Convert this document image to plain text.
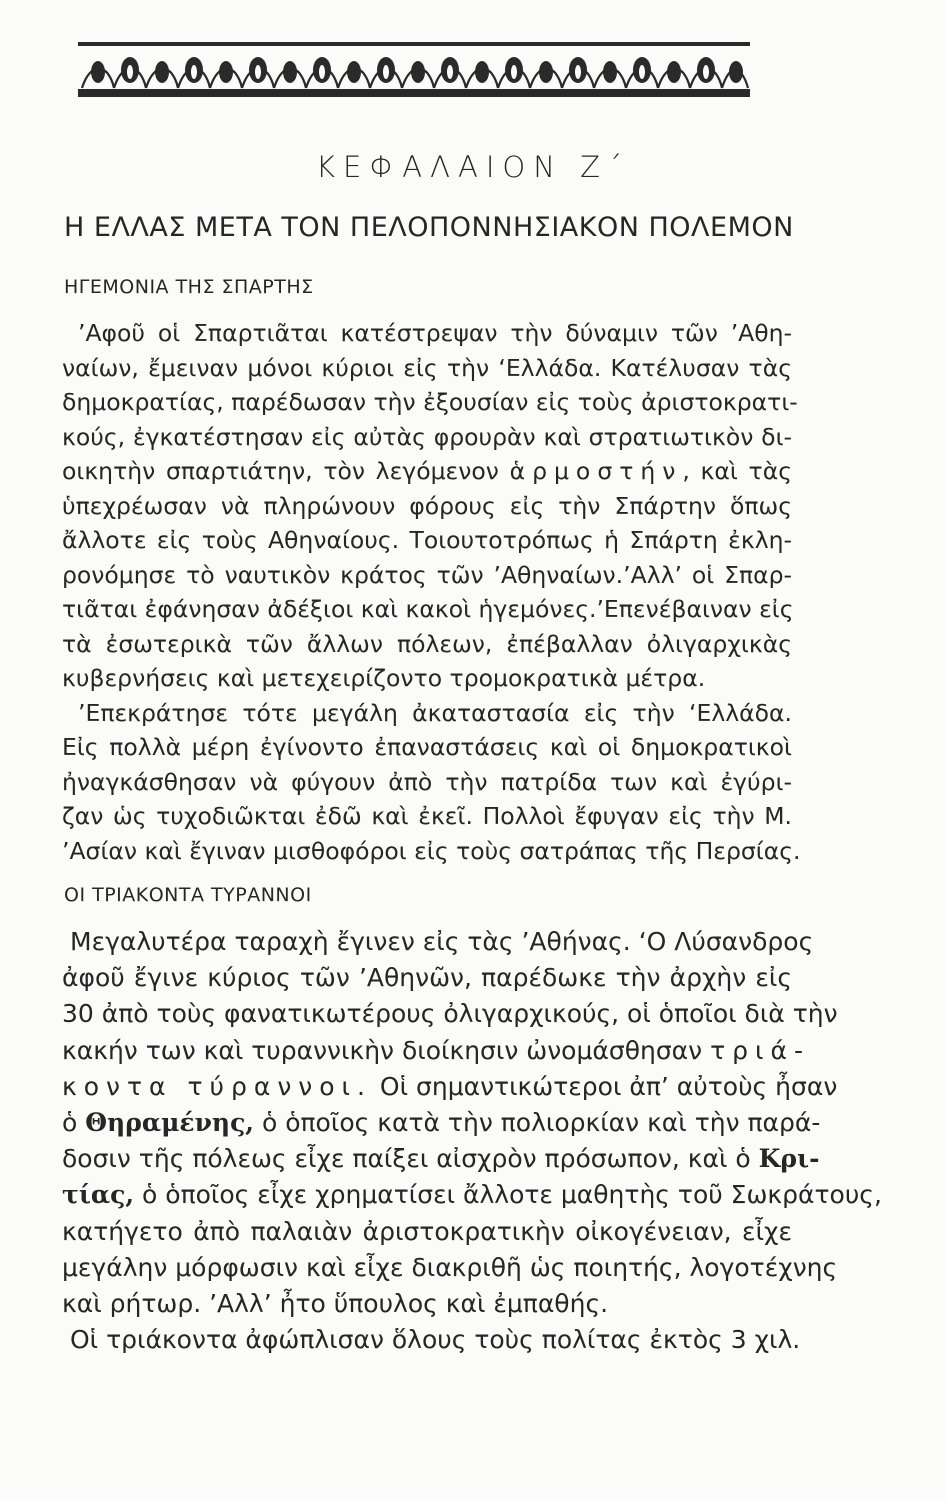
ΚΕΦΑΛΑΙΟΝ Ζ΄
Η ΕΛΛΑΣ ΜΕΤΑ ΤΟΝ ΠΕΛΟΠΟΝΝΗΣΙΑΚΟΝ ΠΟΛΕΜΟΝ
ΗΓΕΜΟΝΙΑ ΤΗΣ ΣΠΑΡΤΗΣ
’Αφοῦ οἱ Σπαρτιᾶται κατέστρεψαν τὴν δύναμιν τῶν ’Αθη-
ναίων, ἔμειναν μόνοι κύριοι εἰς τὴν ‘Ελλάδα. Κατέλυσαν τὰς
δημοκρατίας, παρέδωσαν τὴν ἐξουσίαν εἰς τοὺς ἀριστοκρατι-
κούς, ἐγκατέστησαν εἰς αὐτὰς φρουρὰν καὶ στρατιωτικὸν δι-
οικητὴν σπαρτιάτην, τὸν λεγόμενον ἁρμοστήν, καὶ τὰς
ὑπεχρέωσαν νὰ πληρώνουν φόρους εἰς τὴν Σπάρτην ὅπως
ἄλλοτε εἰς τοὺς Αθηναίους. Τοιουτοτρόπως ἡ Σπάρτη ἐκλη-
ρονόμησε τὸ ναυτικὸν κράτος τῶν ’Αθηναίων.’Αλλ’ οἱ Σπαρ-
τιᾶται ἐφάνησαν ἀδέξιοι καὶ κακοὶ ἡγεμόνες.’Επενέβαιναν εἰς
τὰ ἐσωτερικὰ τῶν ἄλλων πόλεων, ἐπέβαλλαν ὀλιγαρχικὰς
κυβερνήσεις καὶ μετεχειρίζοντο τρομοκρατικὰ μέτρα.
’Επεκράτησε τότε μεγάλη ἀκαταστασία εἰς τὴν ‘Ελλάδα.
Εἰς πολλὰ μέρη ἐγίνοντο ἐπαναστάσεις καὶ οἱ δημοκρατικοὶ
ἠναγκάσθησαν νὰ φύγουν ἀπὸ τὴν πατρίδα των καὶ ἐγύρι-
ζαν ὡς τυχοδιῶκται ἐδῶ καὶ ἐκεῖ. Πολλοὶ ἔφυγαν εἰς τὴν Μ.
’Ασίαν καὶ ἔγιναν μισθοφόροι εἰς τοὺς σατράπας τῆς Περσίας.
ΟΙ ΤΡΙΑΚΟΝΤΑ ΤΥΡΑΝΝΟΙ
Μεγαλυτέρα ταραχὴ ἔγινεν εἰς τὰς ’Αθήνας. ‘Ο Λύσανδρος
ἀφοῦ ἔγινε κύριος τῶν ’Αθηνῶν, παρέδωκε τὴν ἀρχὴν εἰς
30 ἀπὸ τοὺς φανατικωτέρους ὀλιγαρχικούς, οἱ ὁποῖοι διὰ τὴν
κακήν των καὶ τυραννικὴν διοίκησιν ὠνομάσθησαν τριά-
κοντα τύραννοι. Οἱ σημαντικώτεροι ἀπ’ αὐτοὺς ἦσαν
ὁ Θηραμένης, ὁ ὁποῖος κατὰ τὴν πολιορκίαν καὶ τὴν παρά-
δοσιν τῆς πόλεως εἶχε παίξει αἰσχρὸν πρόσωπον, καὶ ὁ Κρι-
τίας, ὁ ὁποῖος εἶχε χρηματίσει ἄλλοτε μαθητὴς τοῦ Σωκράτους,
κατήγετο ἀπὸ παλαιὰν ἀριστοκρατικὴν οἰκογένειαν, εἶχε
μεγάλην μόρφωσιν καὶ εἶχε διακριθῆ ὡς ποιητής, λογοτέχνης
καὶ ρήτωρ. ’Αλλ’ ἦτο ὕπουλος καὶ ἐμπαθής.
Οἱ τριάκοντα ἀφώπλισαν ὅλους τοὺς πολίτας ἐκτὸς 3 χιλ.
